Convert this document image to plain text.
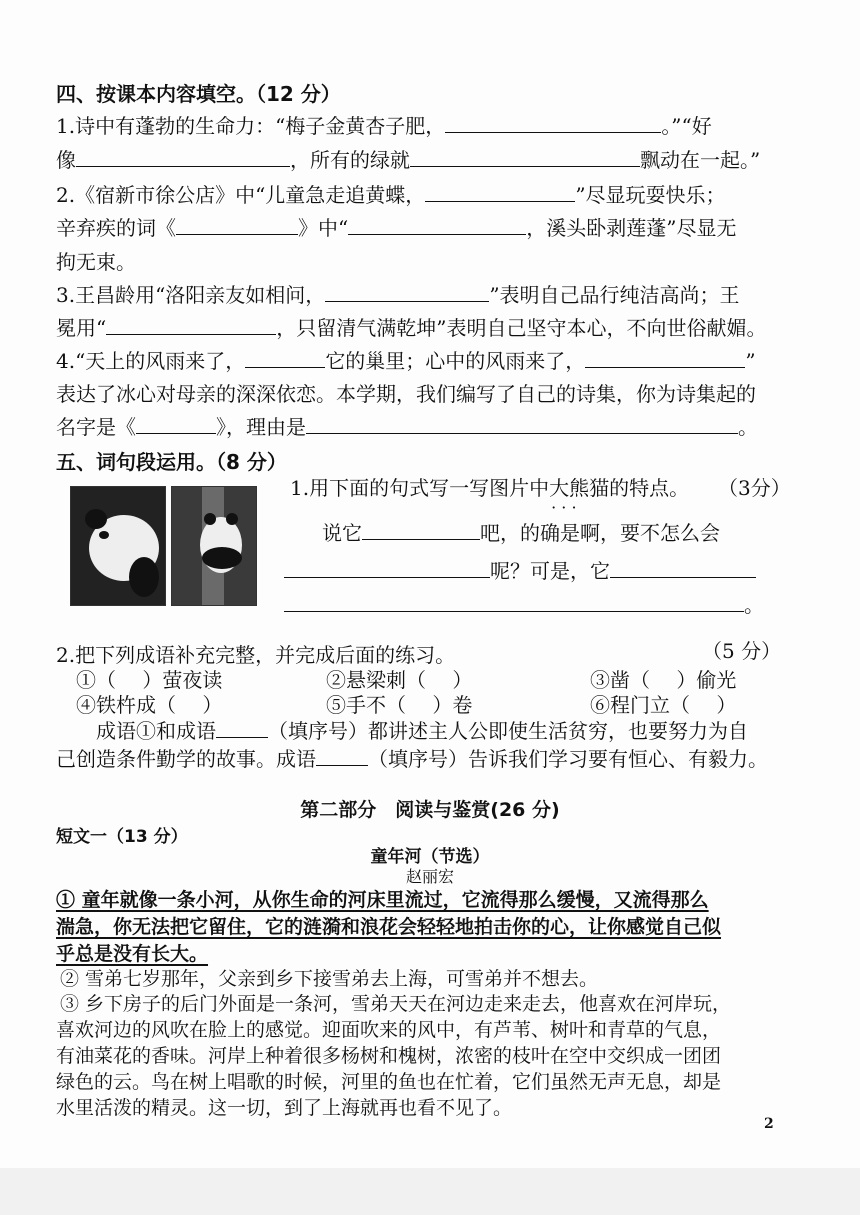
四、按课本内容填空。（12 分）
1.诗中有蓬勃的生命力：“梅子金黄杏子肥，	。”“好
像	，所有的绿就	飘动在一起。”
2.《宿新市徐公店》中“儿童急走追黄蝶，	”尽显玩耍快乐；
辛弃疾的词《	》中“	，溪头卧剥莲蓬”尽显无
拘无束。
3.王昌龄用“洛阳亲友如相问，	”表明自己品行纯洁高尚；王
冕用“	，只留清气满乾坤”表明自己坚守本心，不向世俗献媚。
4.“天上的风雨来了，	它的巢里；心中的风雨来了，	”
表达了冰心对母亲的深深依恋。本学期，我们编写了自己的诗集，你为诗集起的
名字是《	》，理由是	。
五、词句段运用。（8 分）
1.用下面的句式写一写图片中大熊猫 · · ·的特点。 （3分）
说它	吧，的确是啊，要不怎么会
呢？可是，它
。
2.把下列成语补充完整，并完成后面的练习。	（5 分）
①（　 ）萤夜读	②悬梁刺（　 ）	③凿（　 ）偷光
④铁杵成（　 ）	⑤手不（　 ）卷	⑥程门立（　 ）
成语①和成语	（填序号）都讲述主人公即使生活贫穷，也要努力为自
己创造条件勤学的故事。成语	（填序号）告诉我们学习要有恒心、有毅力。
第二部分　阅读与鉴赏(26 分)
短文一（13 分）
童年河（节选）
赵丽宏
① 童年就像一条小河，从你生命的河床里流过，它流得那么缓慢，又流得那么
湍急，你无法把它留住，它的涟漪和浪花会轻轻地拍击你的心，让你感觉自己似
乎总是没有长大。
② 雪弟七岁那年，父亲到乡下接雪弟去上海，可雪弟并不想去。
③ 乡下房子的后门外面是一条河，雪弟天天在河边走来走去，他喜欢在河岸玩，
喜欢河边的风吹在脸上的感觉。迎面吹来的风中，有芦苇、树叶和青草的气息，
有油菜花的香味。河岸上种着很多杨树和槐树，浓密的枝叶在空中交织成一团团
绿色的云。鸟在树上唱歌的时候，河里的鱼也在忙着，它们虽然无声无息，却是
水里活泼的精灵。这一切，到了上海就再也看不见了。
2
